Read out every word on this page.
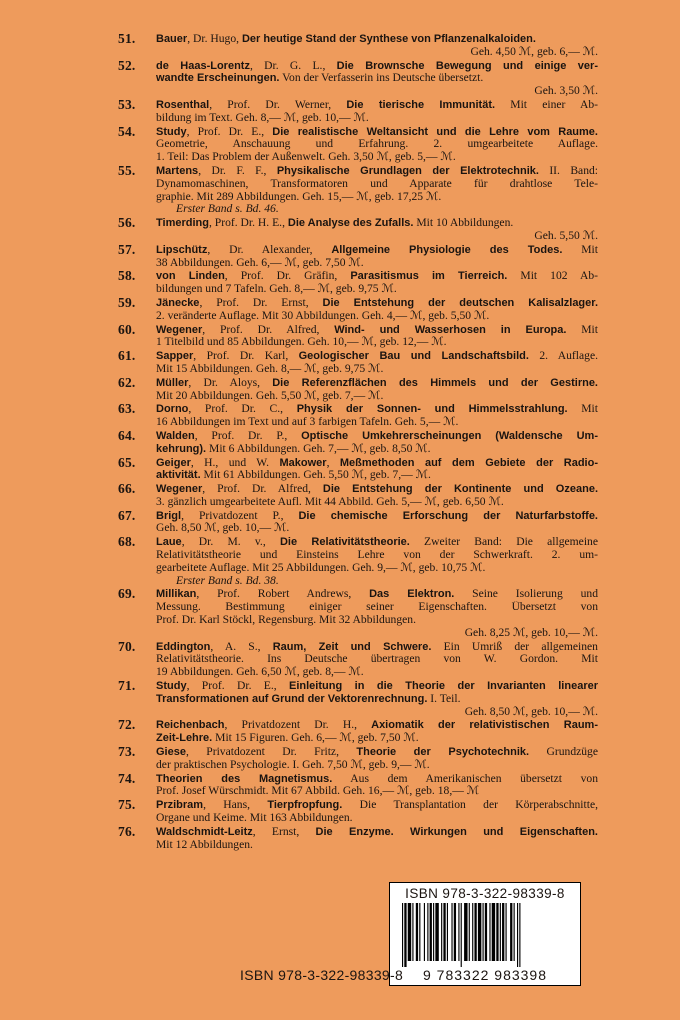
51.	Bauer, Dr. Hugo, Der heutige Stand der Synthese von Pflanzenalkaloiden.
Geh. 4,50 ℳ, geb. 6,— ℳ.
52.	de Haas-Lorentz, Dr. G. L., Die Brownsche Bewegung und einige ver-
wandte Erscheinungen. Von der Verfasserin ins Deutsche übersetzt.
Geh. 3,50 ℳ.
53.	Rosenthal, Prof. Dr. Werner, Die tierische Immunität. Mit einer Ab-
bildung im Text. Geh. 8,— ℳ, geb. 10,— ℳ.
54.	Study, Prof. Dr. E., Die realistische Weltansicht und die Lehre vom Raume.
Geometrie, Anschauung und Erfahrung. 2. umgearbeitete Auflage.
1. Teil: Das Problem der Außenwelt. Geh. 3,50 ℳ, geb. 5,— ℳ.
55.	Martens, Dr. F. F., Physikalische Grundlagen der Elektrotechnik. II. Band:
Dynamomaschinen, Transformatoren und Apparate für drahtlose Tele-
graphie. Mit 289 Abbildungen. Geh. 15,— ℳ, geb. 17,25 ℳ.
Erster Band s. Bd. 46.
56.	Timerding, Prof. Dr. H. E., Die Analyse des Zufalls. Mit 10 Abbildungen.
Geh. 5,50 ℳ.
57.	Lipschütz, Dr. Alexander, Allgemeine Physiologie des Todes. Mit
38 Abbildungen. Geh. 6,— ℳ, geb. 7,50 ℳ.
58.	von Linden, Prof. Dr. Gräfin, Parasitismus im Tierreich. Mit 102 Ab-
bildungen und 7 Tafeln. Geh. 8,— ℳ, geb. 9,75 ℳ.
59.	Jänecke, Prof. Dr. Ernst, Die Entstehung der deutschen Kalisalzlager.
2. veränderte Auflage. Mit 30 Abbildungen. Geh. 4,— ℳ, geb. 5,50 ℳ.
60.	Wegener, Prof. Dr. Alfred, Wind- und Wasserhosen in Europa. Mit
1 Titelbild und 85 Abbildungen. Geh. 10,— ℳ, geb. 12,— ℳ.
61.	Sapper, Prof. Dr. Karl, Geologischer Bau und Landschaftsbild. 2. Auflage.
Mit 15 Abbildungen. Geh. 8,— ℳ, geb. 9,75 ℳ.
62.	Müller, Dr. Aloys, Die Referenzflächen des Himmels und der Gestirne.
Mit 20 Abbildungen. Geh. 5,50 ℳ, geb. 7,— ℳ.
63.	Dorno, Prof. Dr. C., Physik der Sonnen- und Himmelsstrahlung. Mit
16 Abbildungen im Text und auf 3 farbigen Tafeln. Geh. 5,— ℳ.
64.	Walden, Prof. Dr. P., Optische Umkehrerscheinungen (Waldensche Um-
kehrung). Mit 6 Abbildungen. Geh. 7,— ℳ, geb. 8,50 ℳ.
65.	Geiger, H., und W. Makower, Meßmethoden auf dem Gebiete der Radio-
aktivität. Mit 61 Abbildungen. Geh. 5,50 ℳ, geb. 7,— ℳ.
66.	Wegener, Prof. Dr. Alfred, Die Entstehung der Kontinente und Ozeane.
3. gänzlich umgearbeitete Aufl. Mit 44 Abbild. Geh. 5,— ℳ, geb. 6,50 ℳ.
67.	Brigl, Privatdozent P., Die chemische Erforschung der Naturfarbstoffe.
Geh. 8,50 ℳ, geb. 10,— ℳ.
68.	Laue, Dr. M. v., Die Relativitätstheorie. Zweiter Band: Die allgemeine
Relativitätstheorie und Einsteins Lehre von der Schwerkraft. 2. um-
gearbeitete Auflage. Mit 25 Abbildungen. Geh. 9,— ℳ, geb. 10,75 ℳ.
Erster Band s. Bd. 38.
69.	Millikan, Prof. Robert Andrews, Das Elektron. Seine Isolierung und
Messung. Bestimmung einiger seiner Eigenschaften. Übersetzt von
Prof. Dr. Karl Stöckl, Regensburg. Mit 32 Abbildungen.
Geh. 8,25 ℳ, geb. 10,— ℳ.
70.	Eddington, A. S., Raum, Zeit und Schwere. Ein Umriß der allgemeinen
Relativitätstheorie. Ins Deutsche übertragen von W. Gordon. Mit
19 Abbildungen. Geh. 6,50 ℳ, geb. 8,— ℳ.
71.	Study, Prof. Dr. E., Einleitung in die Theorie der Invarianten linearer
Transformationen auf Grund der Vektorenrechnung. I. Teil.
Geh. 8,50 ℳ, geb. 10,— ℳ.
72.	Reichenbach, Privatdozent Dr. H., Axiomatik der relativistischen Raum-
Zeit-Lehre. Mit 15 Figuren. Geh. 6,— ℳ, geb. 7,50 ℳ.
73.	Giese, Privatdozent Dr. Fritz, Theorie der Psychotechnik. Grundzüge
der praktischen Psychologie. I. Geh. 7,50 ℳ, geb. 9,— ℳ.
74.	Theorien des Magnetismus. Aus dem Amerikanischen übersetzt von
Prof. Josef Würschmidt. Mit 67 Abbild. Geh. 16,— ℳ, geb. 18,— ℳ
75.	Przibram, Hans, Tierpfropfung. Die Transplantation der Körperabschnitte,
Organe und Keime. Mit 163 Abbildungen.
76.	Waldschmidt-Leitz, Ernst, Die Enzyme. Wirkungen und Eigenschaften.
Mit 12 Abbildungen.
ISBN 978-3-322-98339-8
9 783322 983398
ISBN 978-3-322-98339-8
